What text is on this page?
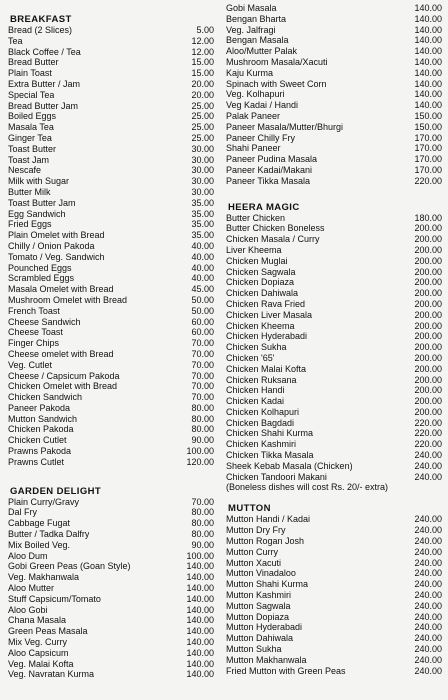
BREAKFAST
Bread (2 Slices)	5.00
Tea	12.00
Black Coffee / Tea	12.00
Bread Butter	15.00
Plain Toast	15.00
Extra Butter / Jam	20.00
Special Tea	20.00
Bread Butter Jam	25.00
Boiled Eggs	25.00
Masala Tea	25.00
Ginger Tea	25.00
Toast Butter	30.00
Toast Jam	30.00
Nescafe	30.00
Milk with Sugar	30.00
Butter Milk	30.00
Toast Butter Jam	35.00
Egg Sandwich	35.00
Fried Eggs	35.00
Plain Omelet with Bread	35.00
Chilly / Onion Pakoda	40.00
Tomato / Veg. Sandwich	40.00
Pounched Eggs	40.00
Scrambled Eggs	40.00
Masala Omelet with Bread	45.00
Mushroom Omelet with Bread	50.00
French Toast	50.00
Cheese Sandwich	60.00
Cheese Toast	60.00
Finger Chips	70.00
Cheese omelet with Bread	70.00
Veg. Cutlet	70.00
Cheese / Capsicum Pakoda	70.00
Chicken Omelet with Bread	70.00
Chicken Sandwich	70.00
Paneer Pakoda	80.00
Mutton Sandwich	80.00
Chicken Pakoda	80.00
Chicken Cutlet	90.00
Prawns Pakoda	100.00
Prawns Cutlet	120.00
GARDEN DELIGHT
Plain Curry/Gravy	70.00
Dal Fry	80.00
Cabbage Fugat	80.00
Butter / Tadka Dalfry	80.00
Mix Boiled Veg.	90.00
Aloo Dum	100.00
Gobi Green Peas (Goan Style)	140.00
Veg. Makhanwala	140.00
Aloo Mutter	140.00
Stuff Capsicum/Tomato	140.00
Aloo Gobi	140.00
Chana Masala	140.00
Green Peas Masala	140.00
Mix Veg. Curry	140.00
Aloo Capsicum	140.00
Veg. Malai Kofta	140.00
Veg. Navratan Kurma	140.00
Gobi Masala	140.00
Bengan Bharta	140.00
Veg. Jalfragi	140.00
Bengan Masala	140.00
Aloo/Mutter Palak	140.00
Mushroom Masala/Xacuti	140.00
Kaju Kurma	140.00
Spinach with Sweet Corn	140.00
Veg. Kolhapuri	140.00
Veg Kadai / Handi	140.00
Palak Paneer	150.00
Paneer Masala/Mutter/Bhurgi	150.00
Paneer Chilly Fry	170.00
Shahi Paneer	170.00
Paneer Pudina Masala	170.00
Paneer Kadai/Makani	170.00
Paneer Tikka Masala	220.00
HEERA MAGIC
Butter Chicken	180.00
Butter Chicken Boneless	200.00
Chicken Masala / Curry	200.00
Liver Kheema	200.00
Chicken Muglai	200.00
Chicken Sagwala	200.00
Chicken Dopiaza	200.00
Chicken Dahiwala	200.00
Chicken Rava Fried	200.00
Chicken Liver Masala	200.00
Chicken Kheema	200.00
Chicken Hyderabadi	200.00
Chicken Sukha	200.00
Chicken '65'	200.00
Chicken Malai Kofta	200.00
Chicken Ruksana	200.00
Chicken Handi	200.00
Chicken Kadai	200.00
Chicken Kolhapuri	200.00
Chicken Bagdadi	220.00
Chicken Shahi Kurma	220.00
Chicken Kashmiri	220.00
Chicken Tikka Masala	240.00
Sheek Kebab Masala (Chicken)	240.00
Chicken Tandoori Makani	240.00
(Boneless dishes will cost Rs. 20/- extra)
MUTTON
Mutton Handi / Kadai	240.00
Mutton Dry Fry	240.00
Mutton Rogan Josh	240.00
Mutton Curry	240.00
Mutton Xacuti	240.00
Mutton Vinadaloo	240.00
Mutton Shahi Kurma	240.00
Mutton Kashmiri	240.00
Mutton Sagwala	240.00
Mutton Dopiaza	240.00
Mutton Hyderabadi	240.00
Mutton Dahiwala	240.00
Mutton Sukha	240.00
Mutton Makhanwala	240.00
Fried Mutton with Green Peas	240.00
